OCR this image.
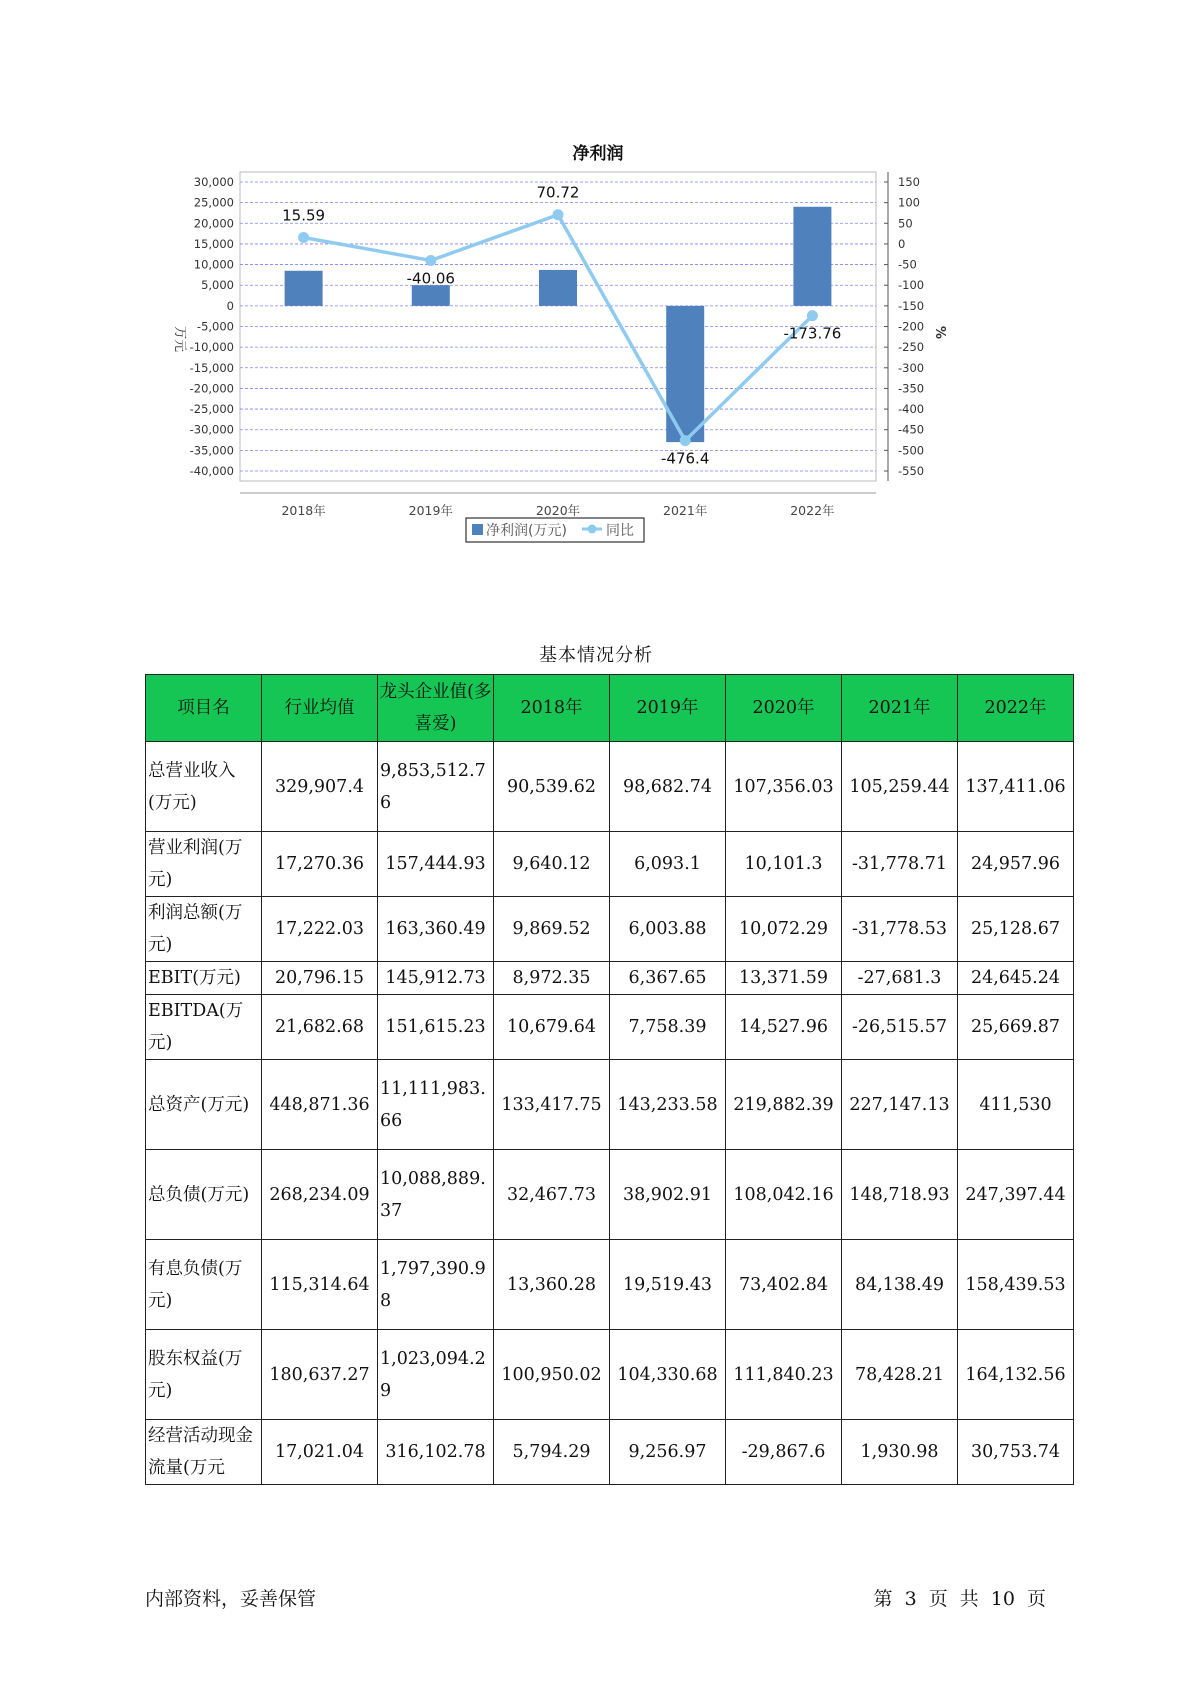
净利润
-40,000
-35,000
-30,000
-25,000
-20,000
-15,000
-10,000
-5,000
0
5,000
10,000
15,000
20,000
25,000
30,000
-550
-500
-450
-400
-350
-300
-250
-200
-150
-100
-50
0
50
100
150
2018年	2019年	2020年	2021年	2022年
15.59
-40.06
70.72
-476.4
-173.76
万元	%
净利润(万元)	同比
基本情况分析
项目名	行业均值	龙头企业值(多喜爱)	2018年	2019年	2020年	2021年	2022年
总营业收入(万元)	329,907.4	9,853,512.76	90,539.62	98,682.74	107,356.03	105,259.44	137,411.06
营业利润(万元)	17,270.36	157,444.93	9,640.12	6,093.1	10,101.3	-31,778.71	24,957.96
利润总额(万元)	17,222.03	163,360.49	9,869.52	6,003.88	10,072.29	-31,778.53	25,128.67
EBIT(万元)	20,796.15	145,912.73	8,972.35	6,367.65	13,371.59	-27,681.3	24,645.24
EBITDA(万元)	21,682.68	151,615.23	10,679.64	7,758.39	14,527.96	-26,515.57	25,669.87
总资产(万元)	448,871.36	11,111,983.66	133,417.75	143,233.58	219,882.39	227,147.13	411,530
总负债(万元)	268,234.09	10,088,889.37	32,467.73	38,902.91	108,042.16	148,718.93	247,397.44
有息负债(万元)	115,314.64	1,797,390.98	13,360.28	19,519.43	73,402.84	84,138.49	158,439.53
股东权益(万元)	180,637.27	1,023,094.29	100,950.02	104,330.68	111,840.23	78,428.21	164,132.56
经营活动现金流量(万元	17,021.04	316,102.78	5,794.29	9,256.97	-29,867.6	1,930.98	30,753.74
内部资料，妥善保管	第 3 页 共 10 页
